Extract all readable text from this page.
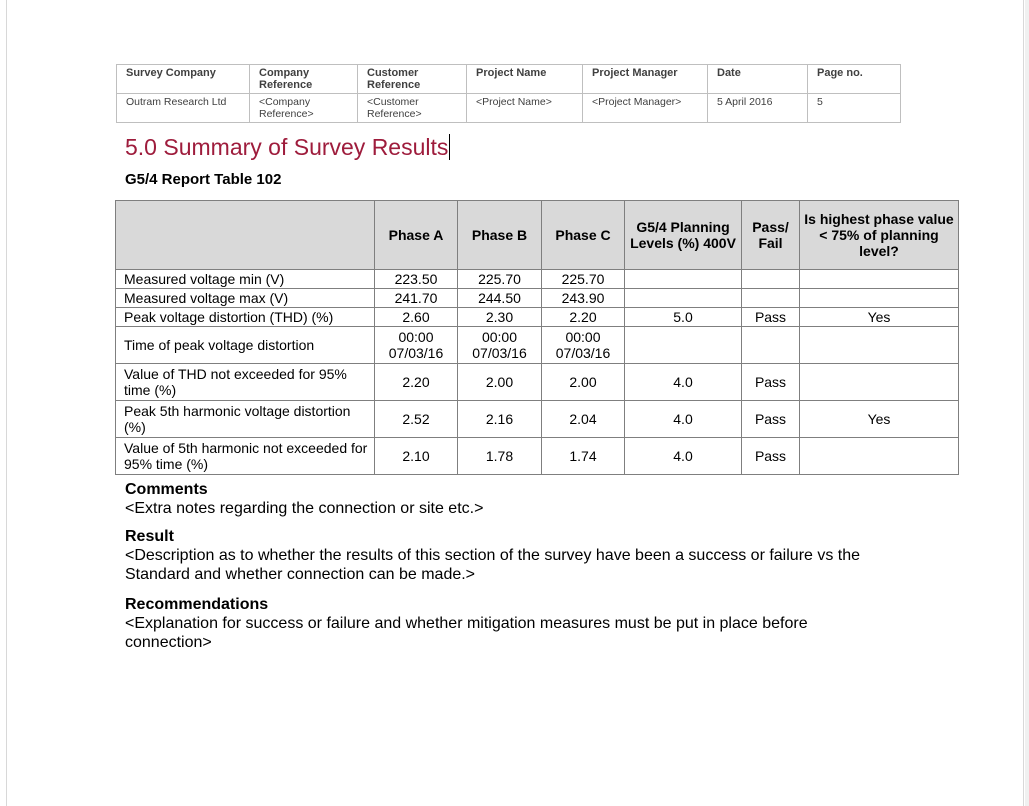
Survey Company	Company Reference	Customer Reference	Project Name	Project Manager	Date	Page no.
Outram Research Ltd	<Company Reference>	<Customer Reference>	<Project Name>	<Project Manager>	5 April 2016	5
5.0 Summary of Survey Results
G5/4 Report Table 102
	Phase A	Phase B	Phase C	G5/4 Planning Levels (%) 400V	Pass/ Fail	Is highest phase value < 75% of planning level?
Measured voltage min (V)	223.50	225.70	225.70			
Measured voltage max (V)	241.70	244.50	243.90			
Peak voltage distortion (THD) (%)	2.60	2.30	2.20	5.0	Pass	Yes
Time of peak voltage distortion	00:00 07/03/16	00:00 07/03/16	00:00 07/03/16			
Value of THD not exceeded for 95% time (%)	2.20	2.00	2.00	4.0	Pass	
Peak 5th harmonic voltage distortion (%)	2.52	2.16	2.04	4.0	Pass	Yes
Value of 5th harmonic not exceeded for 95% time (%)	2.10	1.78	1.74	4.0	Pass	
Comments
<Extra notes regarding the connection or site etc.>
Result
<Description as to whether the results of this section of the survey have been a success or failure vs the
Standard and whether connection can be made.>
Recommendations
<Explanation for success or failure and whether mitigation measures must be put in place before
connection>
